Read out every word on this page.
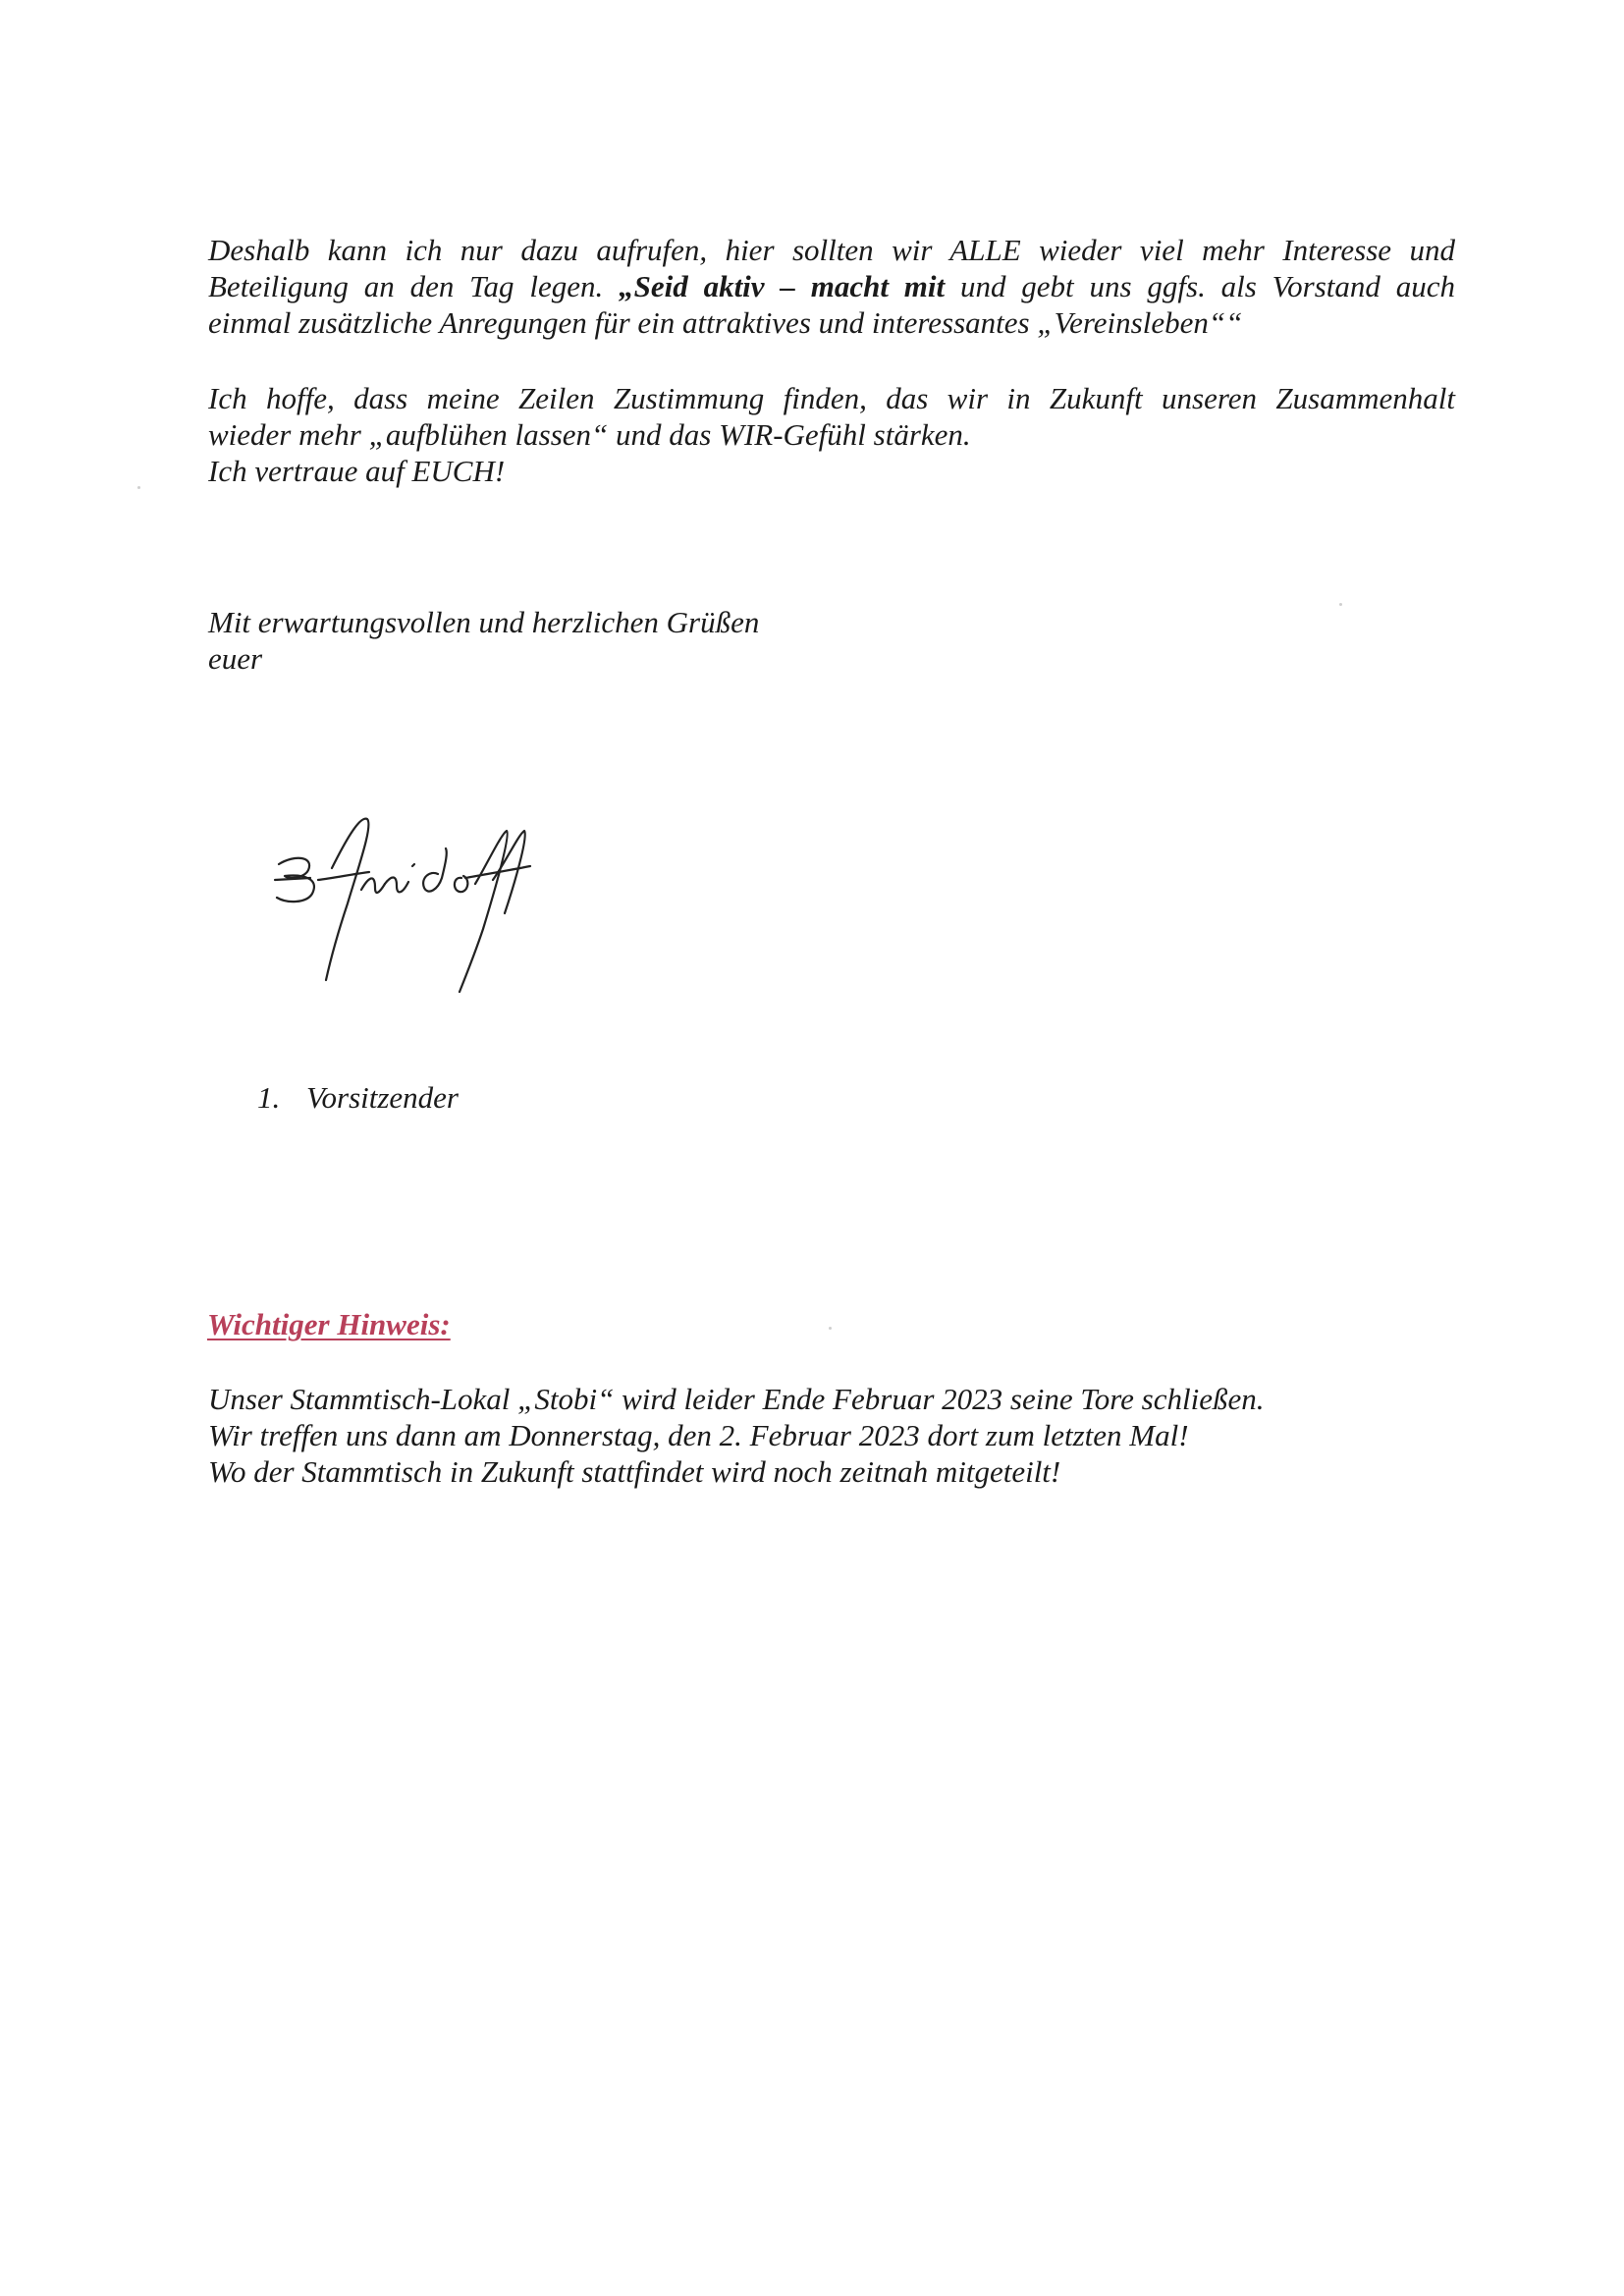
Deshalb kann ich nur dazu aufrufen, hier sollten wir ALLE wieder viel mehr Interesse und
Beteiligung an den Tag legen. „Seid aktiv – macht mit und gebt uns ggfs. als Vorstand auch
einmal zusätzliche Anregungen für ein attraktives und interessantes „Vereinsleben““
Ich hoffe, dass meine Zeilen Zustimmung finden, das wir in Zukunft unseren Zusammenhalt
wieder mehr „aufblühen lassen“ und das WIR-Gefühl stärken.
Ich vertraue auf EUCH!
Mit erwartungsvollen und herzlichen Grüßen
euer
1. Vorsitzender
Wichtiger Hinweis:
Unser Stammtisch-Lokal „Stobi“ wird leider Ende Februar 2023 seine Tore schließen.
Wir treffen uns dann am Donnerstag, den 2. Februar 2023 dort zum letzten Mal!
Wo der Stammtisch in Zukunft stattfindet wird noch zeitnah mitgeteilt!
